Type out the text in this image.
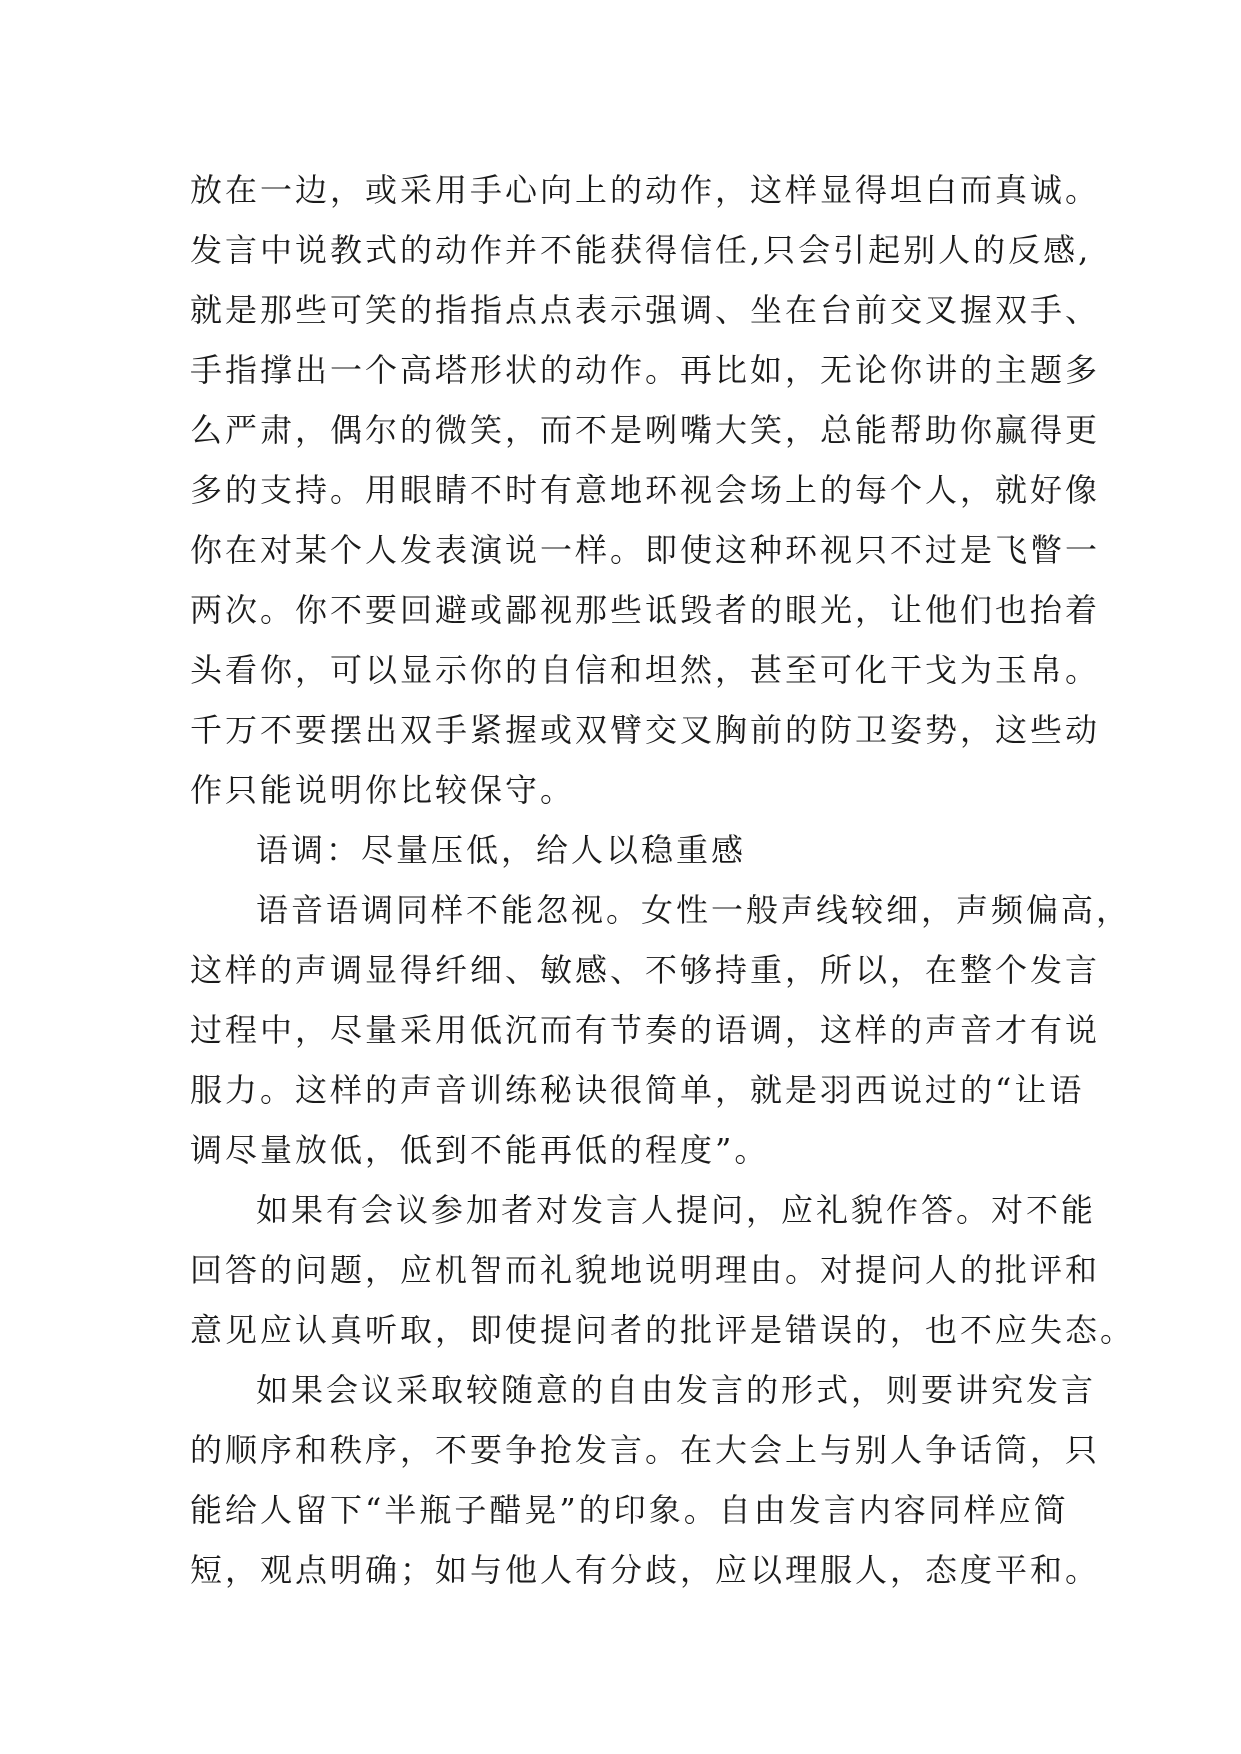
放在一边，或采用手心向上的动作，这样显得坦白而真诚。
发言中说教式的动作并不能获得信任,只会引起别人的反感,
就是那些可笑的指指点点表示强调、坐在台前交叉握双手、
手指撑出一个高塔形状的动作。再比如，无论你讲的主题多
么严肃，偶尔的微笑，而不是咧嘴大笑，总能帮助你赢得更
多的支持。用眼睛不时有意地环视会场上的每个人，就好像
你在对某个人发表演说一样。即使这种环视只不过是飞瞥一
两次。你不要回避或鄙视那些诋毁者的眼光，让他们也抬着
头看你，可以显示你的自信和坦然，甚至可化干戈为玉帛。
千万不要摆出双手紧握或双臂交叉胸前的防卫姿势，这些动
作只能说明你比较保守。
语调：尽量压低，给人以稳重感
语音语调同样不能忽视。女性一般声线较细，声频偏高，
这样的声调显得纤细、敏感、不够持重，所以，在整个发言
过程中，尽量采用低沉而有节奏的语调，这样的声音才有说
服力。这样的声音训练秘诀很简单，就是羽西说过的“让语
调尽量放低，低到不能再低的程度”。
如果有会议参加者对发言人提问，应礼貌作答。对不能
回答的问题，应机智而礼貌地说明理由。对提问人的批评和
意见应认真听取，即使提问者的批评是错误的，也不应失态。
如果会议采取较随意的自由发言的形式，则要讲究发言
的顺序和秩序，不要争抢发言。在大会上与别人争话筒，只
能给人留下“半瓶子醋晃”的印象。自由发言内容同样应简
短，观点明确；如与他人有分歧，应以理服人，态度平和。
